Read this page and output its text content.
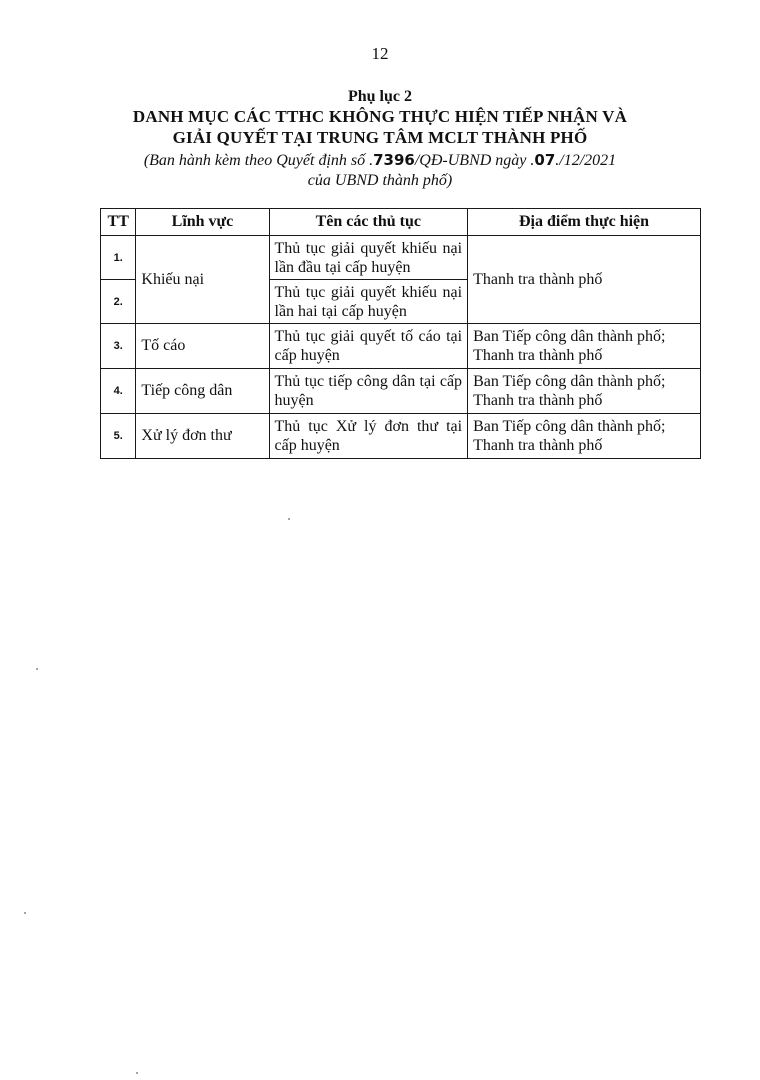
12
Phụ lục 2
DANH MỤC CÁC TTHC KHÔNG THỰC HIỆN TIẾP NHẬN VÀ
GIẢI QUYẾT TẠI TRUNG TÂM MCLT THÀNH PHỐ
(Ban hành kèm theo Quyết định số .7396/QĐ-UBND ngày .07./12/2021
của UBND thành phố)
TT	Lĩnh vực	Tên các thủ tục	Địa điểm thực hiện
1.	Khiếu nại	Thủ tục giải quyết khiếu nại lần đầu tại cấp huyện	Thanh tra thành phố
2.		Thủ tục giải quyết khiếu nại lần hai tại cấp huyện	
3.	Tố cáo	Thủ tục giải quyết tố cáo tại cấp huyện	Ban Tiếp công dân thành phố; Thanh tra thành phố
4.	Tiếp công dân	Thủ tục tiếp công dân tại cấp huyện	Ban Tiếp công dân thành phố; Thanh tra thành phố
5.	Xử lý đơn thư	Thủ tục Xử lý đơn thư tại cấp huyện	Ban Tiếp công dân thành phố; Thanh tra thành phố
